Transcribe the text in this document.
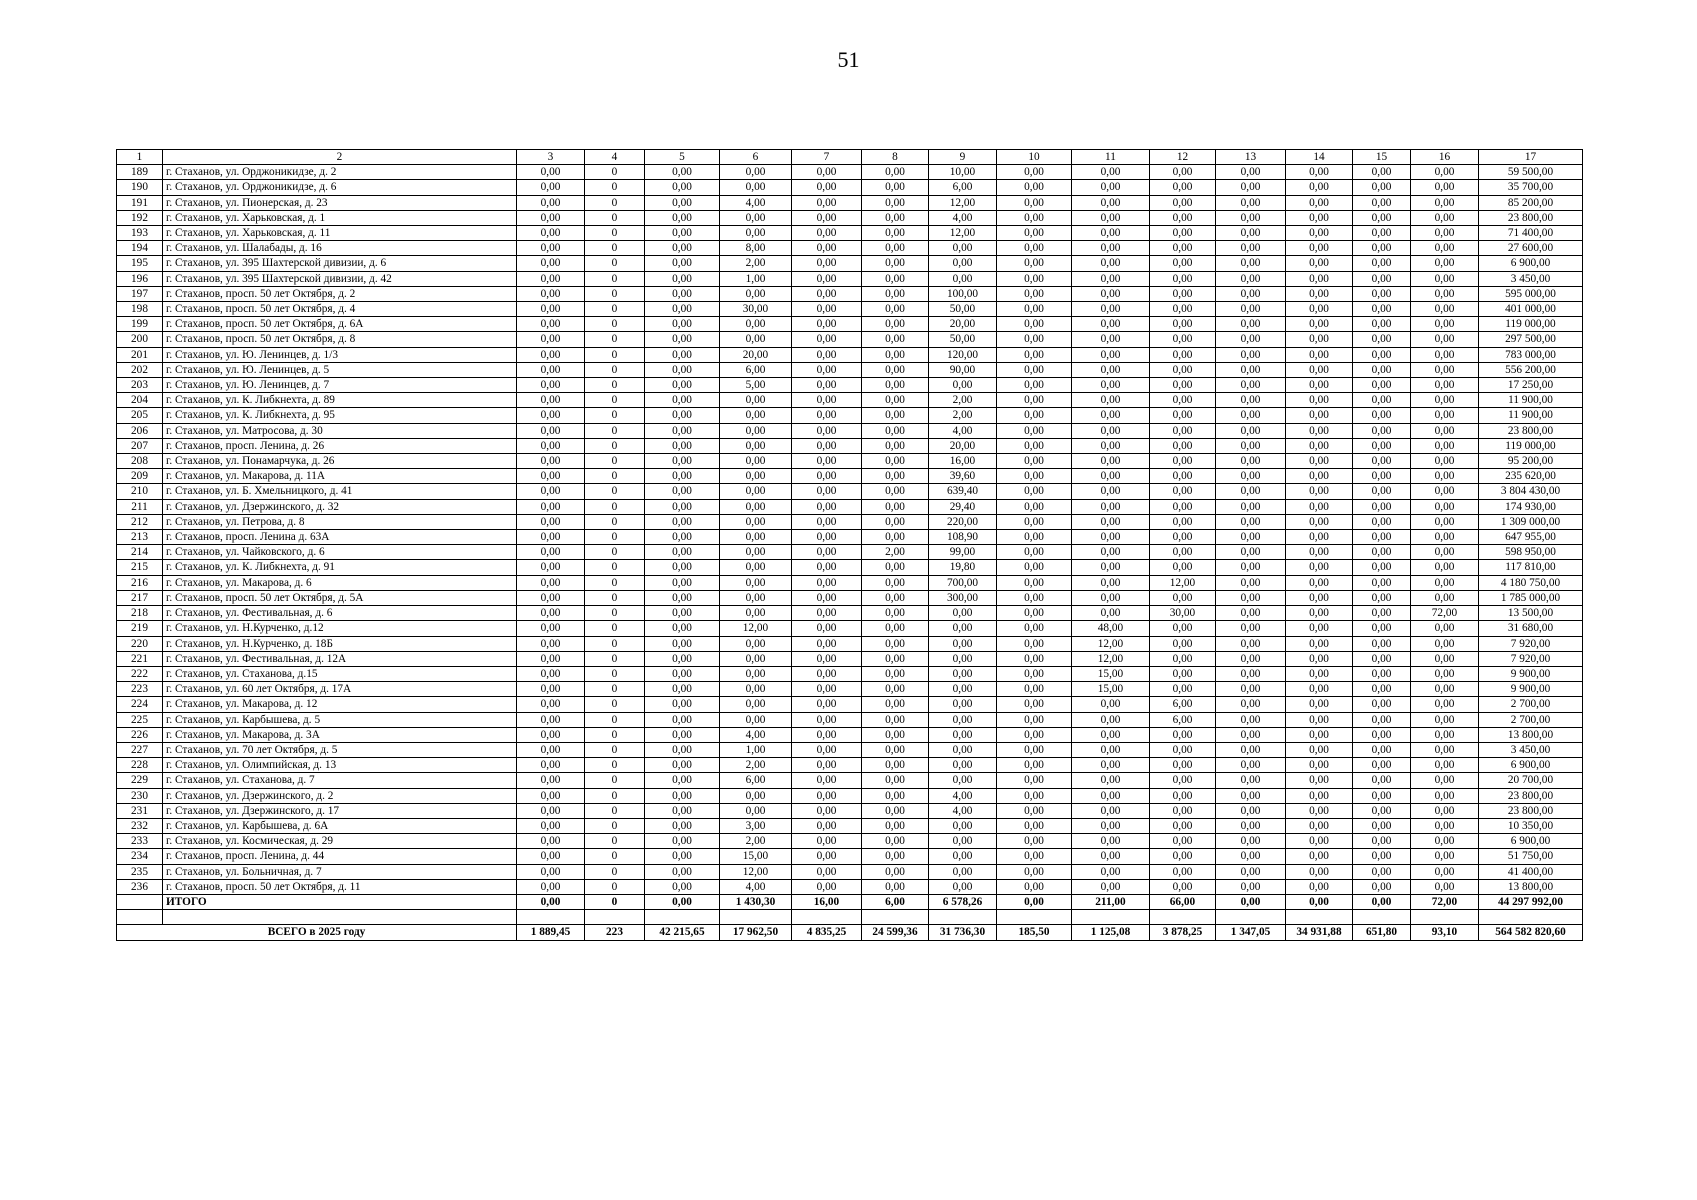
51
1	2	3	4	5	6	7	8	9	10	11	12	13	14	15	16	17
189	г. Стаханов, ул. Орджоникидзе, д. 2	0,00	0	0,00	0,00	0,00	0,00	10,00	0,00	0,00	0,00	0,00	0,00	0,00	0,00	59 500,00
190	г. Стаханов, ул. Орджоникидзе, д. 6	0,00	0	0,00	0,00	0,00	0,00	6,00	0,00	0,00	0,00	0,00	0,00	0,00	0,00	35 700,00
191	г. Стаханов, ул. Пионерская, д. 23	0,00	0	0,00	4,00	0,00	0,00	12,00	0,00	0,00	0,00	0,00	0,00	0,00	0,00	85 200,00
192	г. Стаханов, ул. Харьковская, д. 1	0,00	0	0,00	0,00	0,00	0,00	4,00	0,00	0,00	0,00	0,00	0,00	0,00	0,00	23 800,00
193	г. Стаханов, ул. Харьковская, д. 11	0,00	0	0,00	0,00	0,00	0,00	12,00	0,00	0,00	0,00	0,00	0,00	0,00	0,00	71 400,00
194	г. Стаханов, ул. Шалабады, д. 16	0,00	0	0,00	8,00	0,00	0,00	0,00	0,00	0,00	0,00	0,00	0,00	0,00	0,00	27 600,00
195	г. Стаханов, ул. 395 Шахтерской дивизии, д. 6	0,00	0	0,00	2,00	0,00	0,00	0,00	0,00	0,00	0,00	0,00	0,00	0,00	0,00	6 900,00
196	г. Стаханов, ул. 395 Шахтерской дивизии, д. 42	0,00	0	0,00	1,00	0,00	0,00	0,00	0,00	0,00	0,00	0,00	0,00	0,00	0,00	3 450,00
197	г. Стаханов, просп. 50 лет Октября, д. 2	0,00	0	0,00	0,00	0,00	0,00	100,00	0,00	0,00	0,00	0,00	0,00	0,00	0,00	595 000,00
198	г. Стаханов, просп. 50 лет Октября, д. 4	0,00	0	0,00	30,00	0,00	0,00	50,00	0,00	0,00	0,00	0,00	0,00	0,00	0,00	401 000,00
199	г. Стаханов, просп. 50 лет Октября, д. 6А	0,00	0	0,00	0,00	0,00	0,00	20,00	0,00	0,00	0,00	0,00	0,00	0,00	0,00	119 000,00
200	г. Стаханов, просп. 50 лет Октября, д. 8	0,00	0	0,00	0,00	0,00	0,00	50,00	0,00	0,00	0,00	0,00	0,00	0,00	0,00	297 500,00
201	г. Стаханов, ул. Ю. Ленинцев, д. 1/3	0,00	0	0,00	20,00	0,00	0,00	120,00	0,00	0,00	0,00	0,00	0,00	0,00	0,00	783 000,00
202	г. Стаханов, ул. Ю. Ленинцев, д. 5	0,00	0	0,00	6,00	0,00	0,00	90,00	0,00	0,00	0,00	0,00	0,00	0,00	0,00	556 200,00
203	г. Стаханов, ул. Ю. Ленинцев, д. 7	0,00	0	0,00	5,00	0,00	0,00	0,00	0,00	0,00	0,00	0,00	0,00	0,00	0,00	17 250,00
204	г. Стаханов, ул. К. Либкнехта, д. 89	0,00	0	0,00	0,00	0,00	0,00	2,00	0,00	0,00	0,00	0,00	0,00	0,00	0,00	11 900,00
205	г. Стаханов, ул. К. Либкнехта, д. 95	0,00	0	0,00	0,00	0,00	0,00	2,00	0,00	0,00	0,00	0,00	0,00	0,00	0,00	11 900,00
206	г. Стаханов, ул. Матросова, д. 30	0,00	0	0,00	0,00	0,00	0,00	4,00	0,00	0,00	0,00	0,00	0,00	0,00	0,00	23 800,00
207	г. Стаханов, просп. Ленина, д. 26	0,00	0	0,00	0,00	0,00	0,00	20,00	0,00	0,00	0,00	0,00	0,00	0,00	0,00	119 000,00
208	г. Стаханов, ул. Понамарчука, д. 26	0,00	0	0,00	0,00	0,00	0,00	16,00	0,00	0,00	0,00	0,00	0,00	0,00	0,00	95 200,00
209	г. Стаханов, ул. Макарова, д. 11А	0,00	0	0,00	0,00	0,00	0,00	39,60	0,00	0,00	0,00	0,00	0,00	0,00	0,00	235 620,00
210	г. Стаханов, ул. Б. Хмельницкого, д. 41	0,00	0	0,00	0,00	0,00	0,00	639,40	0,00	0,00	0,00	0,00	0,00	0,00	0,00	3 804 430,00
211	г. Стаханов, ул. Дзержинского, д. 32	0,00	0	0,00	0,00	0,00	0,00	29,40	0,00	0,00	0,00	0,00	0,00	0,00	0,00	174 930,00
212	г. Стаханов, ул. Петрова, д. 8	0,00	0	0,00	0,00	0,00	0,00	220,00	0,00	0,00	0,00	0,00	0,00	0,00	0,00	1 309 000,00
213	г. Стаханов, просп. Ленина д. 63А	0,00	0	0,00	0,00	0,00	0,00	108,90	0,00	0,00	0,00	0,00	0,00	0,00	0,00	647 955,00
214	г. Стаханов, ул. Чайковского, д. 6	0,00	0	0,00	0,00	0,00	2,00	99,00	0,00	0,00	0,00	0,00	0,00	0,00	0,00	598 950,00
215	г. Стаханов, ул. К. Либкнехта, д. 91	0,00	0	0,00	0,00	0,00	0,00	19,80	0,00	0,00	0,00	0,00	0,00	0,00	0,00	117 810,00
216	г. Стаханов, ул. Макарова, д. 6	0,00	0	0,00	0,00	0,00	0,00	700,00	0,00	0,00	12,00	0,00	0,00	0,00	0,00	4 180 750,00
217	г. Стаханов, просп. 50 лет Октября, д. 5А	0,00	0	0,00	0,00	0,00	0,00	300,00	0,00	0,00	0,00	0,00	0,00	0,00	0,00	1 785 000,00
218	г. Стаханов, ул. Фестивальная, д. 6	0,00	0	0,00	0,00	0,00	0,00	0,00	0,00	0,00	30,00	0,00	0,00	0,00	72,00	13 500,00
219	г. Стаханов, ул. Н.Курченко, д.12	0,00	0	0,00	12,00	0,00	0,00	0,00	0,00	48,00	0,00	0,00	0,00	0,00	0,00	31 680,00
220	г. Стаханов, ул. Н.Курченко, д. 18Б	0,00	0	0,00	0,00	0,00	0,00	0,00	0,00	12,00	0,00	0,00	0,00	0,00	0,00	7 920,00
221	г. Стаханов, ул. Фестивальная, д. 12А	0,00	0	0,00	0,00	0,00	0,00	0,00	0,00	12,00	0,00	0,00	0,00	0,00	0,00	7 920,00
222	г. Стаханов, ул. Стаханова, д.15	0,00	0	0,00	0,00	0,00	0,00	0,00	0,00	15,00	0,00	0,00	0,00	0,00	0,00	9 900,00
223	г. Стаханов, ул. 60 лет Октября, д. 17А	0,00	0	0,00	0,00	0,00	0,00	0,00	0,00	15,00	0,00	0,00	0,00	0,00	0,00	9 900,00
224	г. Стаханов, ул. Макарова, д. 12	0,00	0	0,00	0,00	0,00	0,00	0,00	0,00	0,00	6,00	0,00	0,00	0,00	0,00	2 700,00
225	г. Стаханов, ул. Карбышева, д. 5	0,00	0	0,00	0,00	0,00	0,00	0,00	0,00	0,00	6,00	0,00	0,00	0,00	0,00	2 700,00
226	г. Стаханов, ул. Макарова, д. 3А	0,00	0	0,00	4,00	0,00	0,00	0,00	0,00	0,00	0,00	0,00	0,00	0,00	0,00	13 800,00
227	г. Стаханов, ул. 70 лет Октября, д. 5	0,00	0	0,00	1,00	0,00	0,00	0,00	0,00	0,00	0,00	0,00	0,00	0,00	0,00	3 450,00
228	г. Стаханов, ул. Олимпийская, д. 13	0,00	0	0,00	2,00	0,00	0,00	0,00	0,00	0,00	0,00	0,00	0,00	0,00	0,00	6 900,00
229	г. Стаханов, ул. Стаханова, д. 7	0,00	0	0,00	6,00	0,00	0,00	0,00	0,00	0,00	0,00	0,00	0,00	0,00	0,00	20 700,00
230	г. Стаханов, ул. Дзержинского, д. 2	0,00	0	0,00	0,00	0,00	0,00	4,00	0,00	0,00	0,00	0,00	0,00	0,00	0,00	23 800,00
231	г. Стаханов, ул. Дзержинского, д. 17	0,00	0	0,00	0,00	0,00	0,00	4,00	0,00	0,00	0,00	0,00	0,00	0,00	0,00	23 800,00
232	г. Стаханов, ул. Карбышева, д. 6А	0,00	0	0,00	3,00	0,00	0,00	0,00	0,00	0,00	0,00	0,00	0,00	0,00	0,00	10 350,00
233	г. Стаханов, ул. Космическая, д. 29	0,00	0	0,00	2,00	0,00	0,00	0,00	0,00	0,00	0,00	0,00	0,00	0,00	0,00	6 900,00
234	г. Стаханов, просп. Ленина, д. 44	0,00	0	0,00	15,00	0,00	0,00	0,00	0,00	0,00	0,00	0,00	0,00	0,00	0,00	51 750,00
235	г. Стаханов, ул. Больничная, д. 7	0,00	0	0,00	12,00	0,00	0,00	0,00	0,00	0,00	0,00	0,00	0,00	0,00	0,00	41 400,00
236	г. Стаханов, просп. 50 лет Октября, д. 11	0,00	0	0,00	4,00	0,00	0,00	0,00	0,00	0,00	0,00	0,00	0,00	0,00	0,00	13 800,00
	ИТОГО	0,00	0	0,00	1 430,30	16,00	6,00	6 578,26	0,00	211,00	66,00	0,00	0,00	0,00	72,00	44 297 992,00

ВСЕГО в 2025 году		1 889,45	223	42 215,65	17 962,50	4 835,25	24 599,36	31 736,30	185,50	1 125,08	3 878,25	1 347,05	34 931,88	651,80	93,10	564 582 820,60
